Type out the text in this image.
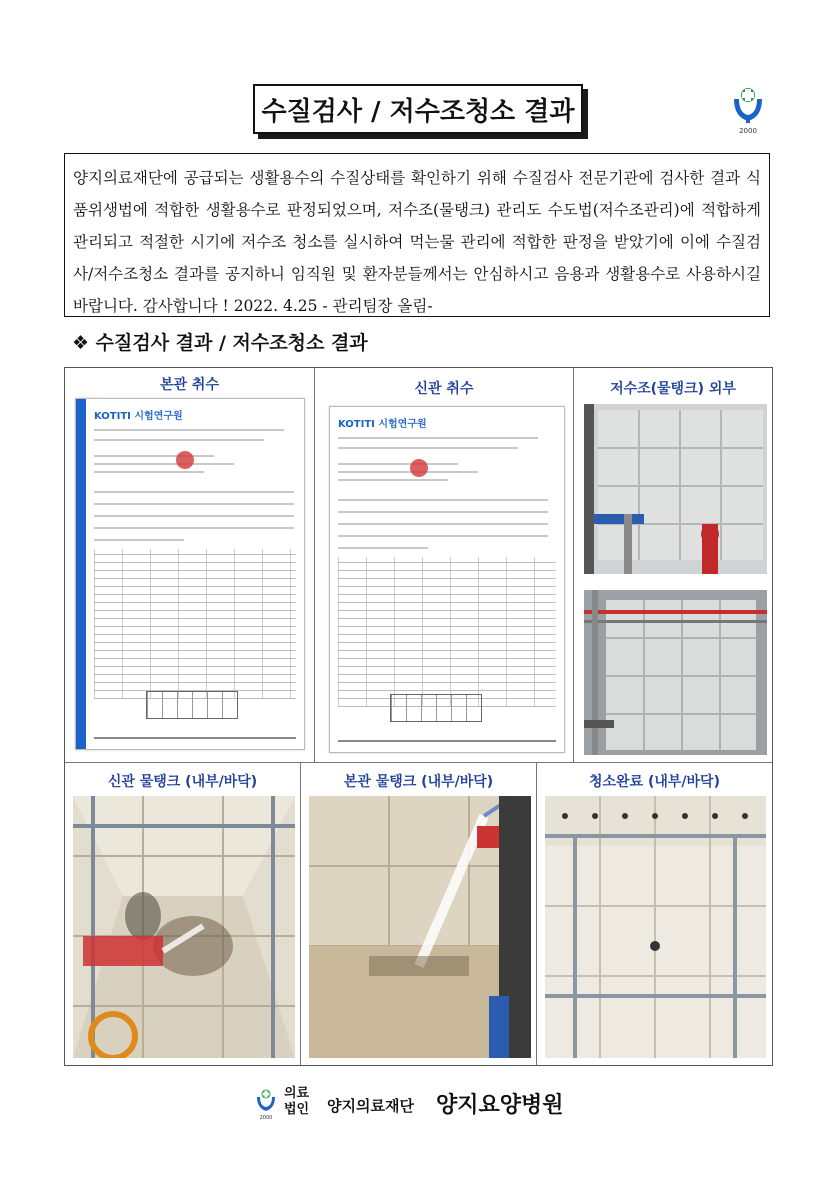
수질검사 / 저수조청소 결과
2000
양지의료재단에 공급되는 생활용수의 수질상태를 확인하기 위해 수질검사 전문기관에 검사한 결과 식품위생법에 적합한 생활용수로 판정되었으며, 저수조(물탱크) 관리도 수도법(저수조관리)에 적합하게 관리되고 적절한 시기에 저수조 청소를 실시하여 먹는물 관리에 적합한 판정을 받았기에 이에 수질검사/저수조청소 결과를 공지하니 임직원 및 환자분들께서는 안심하시고 음용과 생활용수로 사용하시길 바랍니다. 감사합니다 ! 2022. 4.25 - 관리팀장 올림-
❖ 수질검사 결과 / 저수조청소 결과
본관 취수
KOTITI 시험연구원
신관 취수
KOTITI 시험연구원
저수조(물탱크) 외부
신관 물탱크 (내부/바닥)	본관 물탱크 (내부/바닥)	청소완료 (내부/바닥)
2000
의료
법인 양지의료재단 양지요양병원
